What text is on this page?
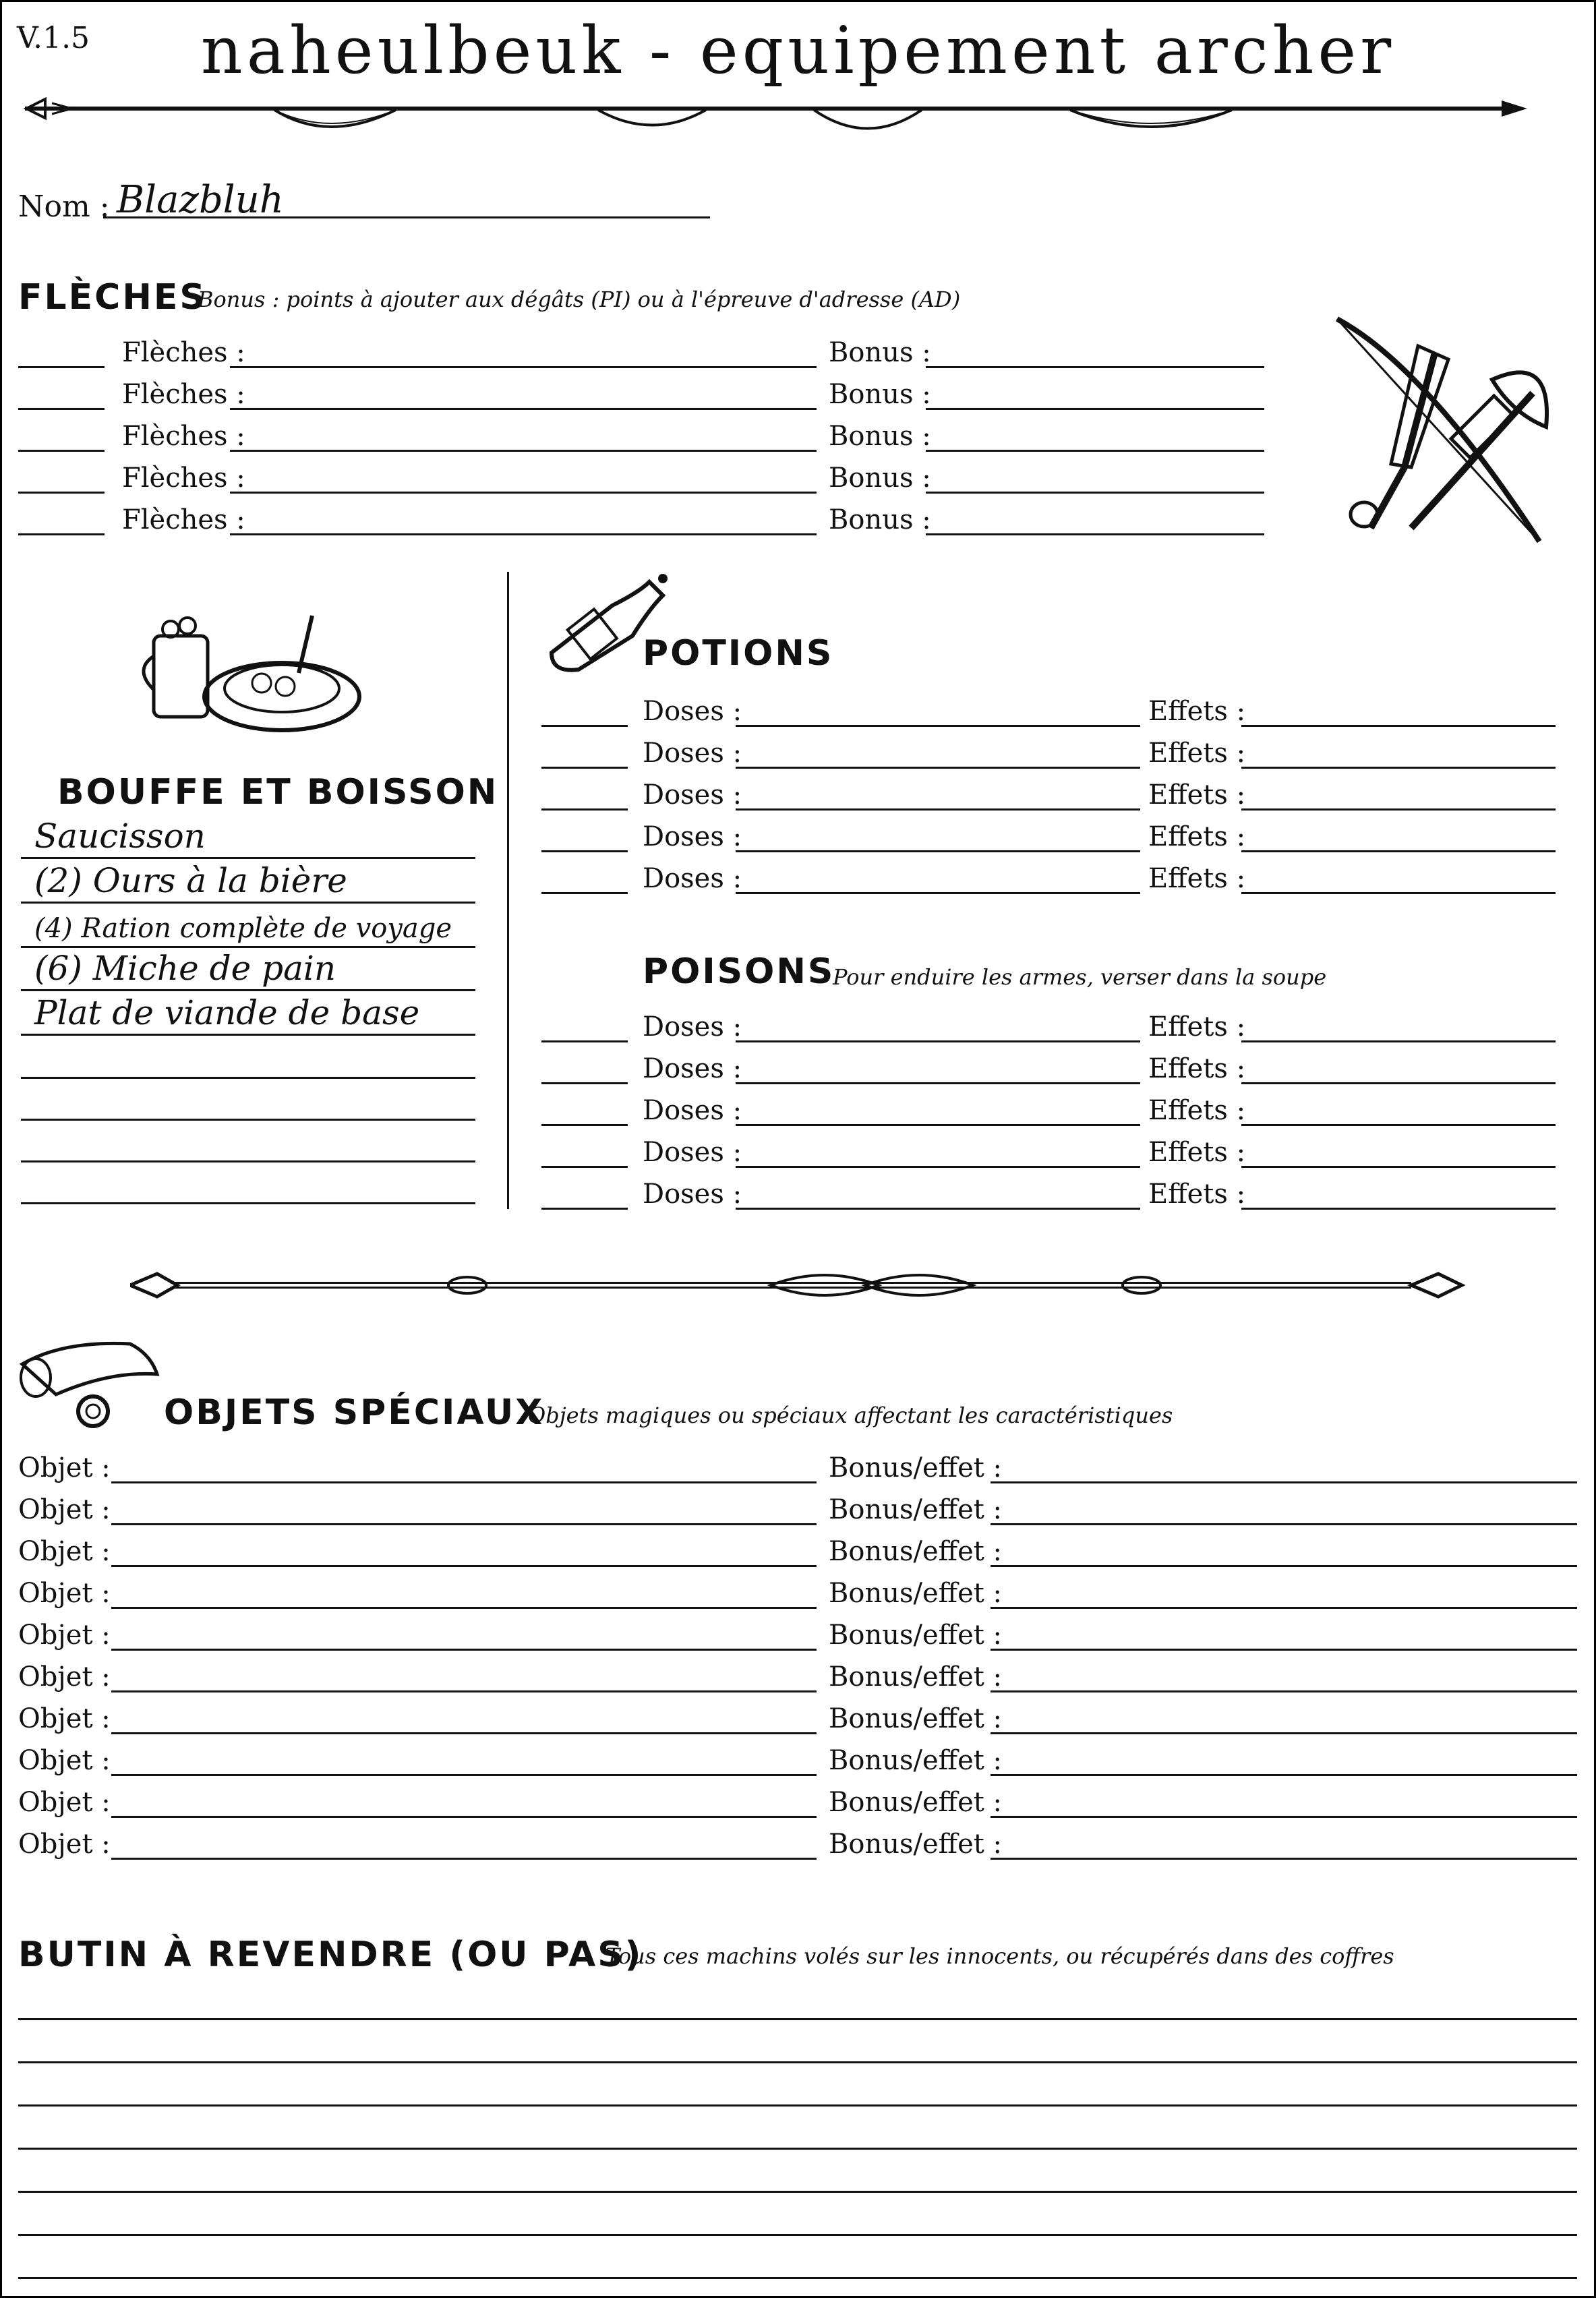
V.1.5	naheulbeuk - equipement archer
Nom : Blazbluh
FLÈCHES
Bonus : points à ajouter aux dégâts (PI) ou à l'épreuve d'adresse (AD)
Flèches :	Bonus :
Flèches :	Bonus :
Flèches :	Bonus :
Flèches :	Bonus :
Flèches :	Bonus :
BOUFFE ET BOISSON
Saucisson
(2) Ours à la bière
(4) Ration complète de voyage
(6) Miche de pain
Plat de viande de base
POTIONS
Doses :	Effets :
Doses :	Effets :
Doses :	Effets :
Doses :	Effets :
Doses :	Effets :
POISONS
Pour enduire les armes, verser dans la soupe
Doses :	Effets :
Doses :	Effets :
Doses :	Effets :
Doses :	Effets :
Doses :	Effets :
OBJETS SPÉCIAUX
Objets magiques ou spéciaux affectant les caractéristiques
Objet :	Bonus/effet :
Objet :	Bonus/effet :
Objet :	Bonus/effet :
Objet :	Bonus/effet :
Objet :	Bonus/effet :
Objet :	Bonus/effet :
Objet :	Bonus/effet :
Objet :	Bonus/effet :
Objet :	Bonus/effet :
Objet :	Bonus/effet :
BUTIN À REVENDRE (OU PAS)
Tous ces machins volés sur les innocents, ou récupérés dans des coffres
